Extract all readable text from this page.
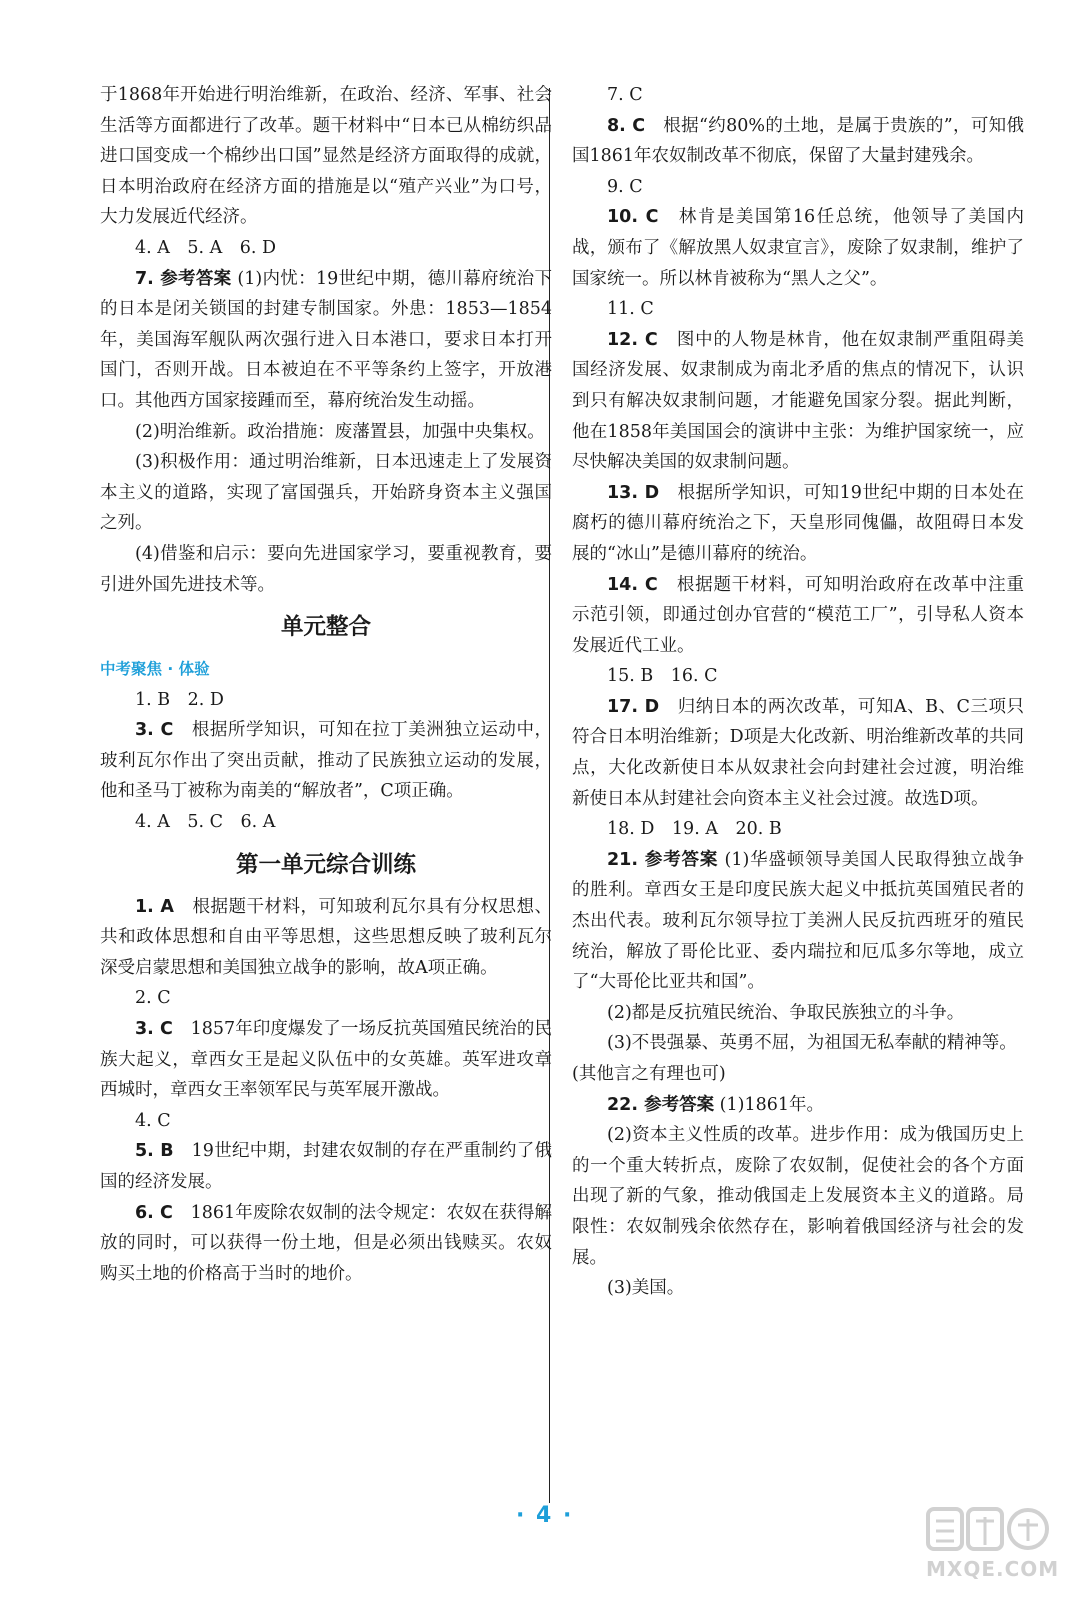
于1868年开始进行明治维新，在政治、经济、军事、社会生活等方面都进行了改革。题干材料中“日本已从棉纺织品进口国变成一个棉纱出口国”显然是经济方面取得的成就，日本明治政府在经济方面的措施是以“殖产兴业”为口号，大力发展近代经济。

4. A　5. A　6. D

7. 参考答案 (1)内忧：19世纪中期，德川幕府统治下的日本是闭关锁国的封建专制国家。外患：1853—1854年，美国海军舰队两次强行进入日本港口，要求日本打开国门，否则开战。日本被迫在不平等条约上签字，开放港口。其他西方国家接踵而至，幕府统治发生动摇。

(2)明治维新。政治措施：废藩置县，加强中央集权。

(3)积极作用：通过明治维新，日本迅速走上了发展资本主义的道路，实现了富国强兵，开始跻身资本主义强国之列。

(4)借鉴和启示：要向先进国家学习，要重视教育，要引进外国先进技术等。

单元整合
中考聚焦 · 体验

1. B　2. D

3. C　根据所学知识，可知在拉丁美洲独立运动中，玻利瓦尔作出了突出贡献，推动了民族独立运动的发展，他和圣马丁被称为南美的“解放者”，C项正确。

4. A　5. C　6. A

第一单元综合训练

1. A　根据题干材料，可知玻利瓦尔具有分权思想、共和政体思想和自由平等思想，这些思想反映了玻利瓦尔深受启蒙思想和美国独立战争的影响，故A项正确。

2. C

3. C　1857年印度爆发了一场反抗英国殖民统治的民族大起义，章西女王是起义队伍中的女英雄。英军进攻章西城时，章西女王率领军民与英军展开激战。

4. C

5. B　19世纪中期，封建农奴制的存在严重制约了俄国的经济发展。

6. C　1861年废除农奴制的法令规定：农奴在获得解放的同时，可以获得一份土地，但是必须出钱赎买。农奴购买土地的价格高于当时的地价。

7. C

8. C　根据“约80%的土地，是属于贵族的”，可知俄国1861年农奴制改革不彻底，保留了大量封建残余。

9. C

10. C　林肯是美国第16任总统，他领导了美国内战，颁布了《解放黑人奴隶宣言》，废除了奴隶制，维护了国家统一。所以林肯被称为“黑人之父”。

11. C

12. C　图中的人物是林肯，他在奴隶制严重阻碍美国经济发展、奴隶制成为南北矛盾的焦点的情况下，认识到只有解决奴隶制问题，才能避免国家分裂。据此判断，他在1858年美国国会的演讲中主张：为维护国家统一，应尽快解决美国的奴隶制问题。

13. D　根据所学知识，可知19世纪中期的日本处在腐朽的德川幕府统治之下，天皇形同傀儡，故阻碍日本发展的“冰山”是德川幕府的统治。

14. C　根据题干材料，可知明治政府在改革中注重示范引领，即通过创办官营的“模范工厂”，引导私人资本发展近代工业。

15. B　16. C

17. D　归纳日本的两次改革，可知A、B、C三项只符合日本明治维新；D项是大化改新、明治维新改革的共同点，大化改新使日本从奴隶社会向封建社会过渡，明治维新使日本从封建社会向资本主义社会过渡。故选D项。

18. D　19. A　20. B

21. 参考答案 (1)华盛顿领导美国人民取得独立战争的胜利。章西女王是印度民族大起义中抵抗英国殖民者的杰出代表。玻利瓦尔领导拉丁美洲人民反抗西班牙的殖民统治，解放了哥伦比亚、委内瑞拉和厄瓜多尔等地，成立了“大哥伦比亚共和国”。

(2)都是反抗殖民统治、争取民族独立的斗争。

(3)不畏强暴、英勇不屈，为祖国无私奉献的精神等。

(其他言之有理也可)

22. 参考答案 (1)1861年。

(2)资本主义性质的改革。进步作用：成为俄国历史上的一个重大转折点，废除了农奴制，促使社会的各个方面出现了新的气象，推动俄国走上发展资本主义的道路。局限性：农奴制残余依然存在，影响着俄国经济与社会的发展。

(3)美国。

· 4 ·
MXQE.COM
